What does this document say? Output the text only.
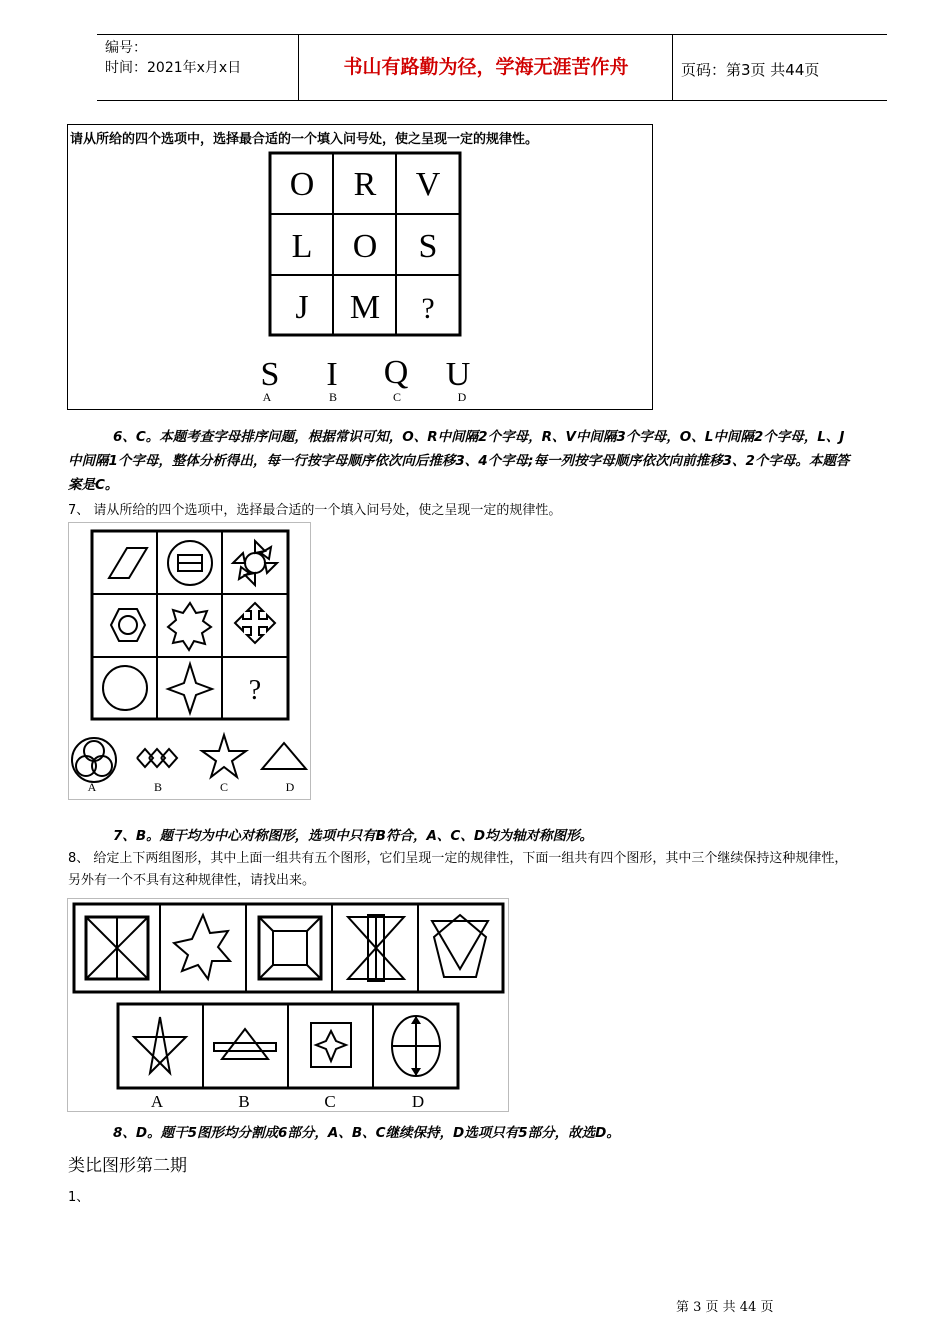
编号：
时间：2021年x月x日	书山有路勤为径，学海无涯苦作舟	页码：第3页 共44页
请从所给的四个选项中，选择最合适的一个填入问号处，使之呈现一定的规律性。
O R V
L O S
J M ?
S I Q U
A	B	C	D
6、C。本题考查字母排序问题，根据常识可知，O、R中间隔2个字母，R、V中间隔3个字母，O、L中间隔2个字母，L、J
中间隔1个字母，整体分析得出，每一行按字母顺序依次向后推移3、4个字母;每一列按字母顺序依次向前推移3、2个字母。本题答
案是C。
7、 请从所给的四个选项中，选择最合适的一个填入问号处，使之呈现一定的规律性。
?
A	B	C	D
7、B。题干均为中心对称图形，选项中只有B符合，A、C、D均为轴对称图形。
8、 给定上下两组图形，其中上面一组共有五个图形，它们呈现一定的规律性，下面一组共有四个图形，其中三个继续保持这种规律性，
另外有一个不具有这种规律性，请找出来。
A	B	C	D
8、D。题干5图形均分割成6部分，A、B、C继续保持，D选项只有5部分，故选D。
类比图形第二期
1、
第 3 页 共 44 页
